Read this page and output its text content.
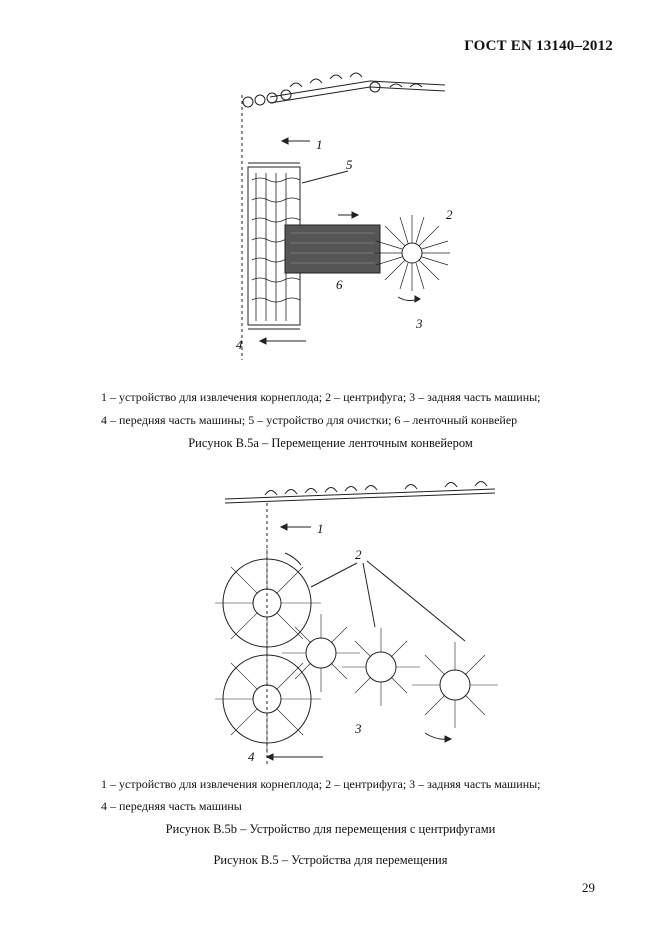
ГОСТ EN 13140–2012
1
5
2
6
3
4
1 – устройство для извлечения корнеплода; 2 – центрифуга; 3 – задняя часть машины;
4 – передняя часть машины; 5 – устройство для очистки; 6 – ленточный конвейер
Рисунок В.5а – Перемещение ленточным конвейером
1
2
3
4
1 – устройство для извлечения корнеплода; 2 – центрифуга; 3 – задняя часть машины;
4 – передняя часть машины
Рисунок В.5b – Устройство для перемещения с центрифугами
Рисунок В.5 – Устройства для перемещения
29
